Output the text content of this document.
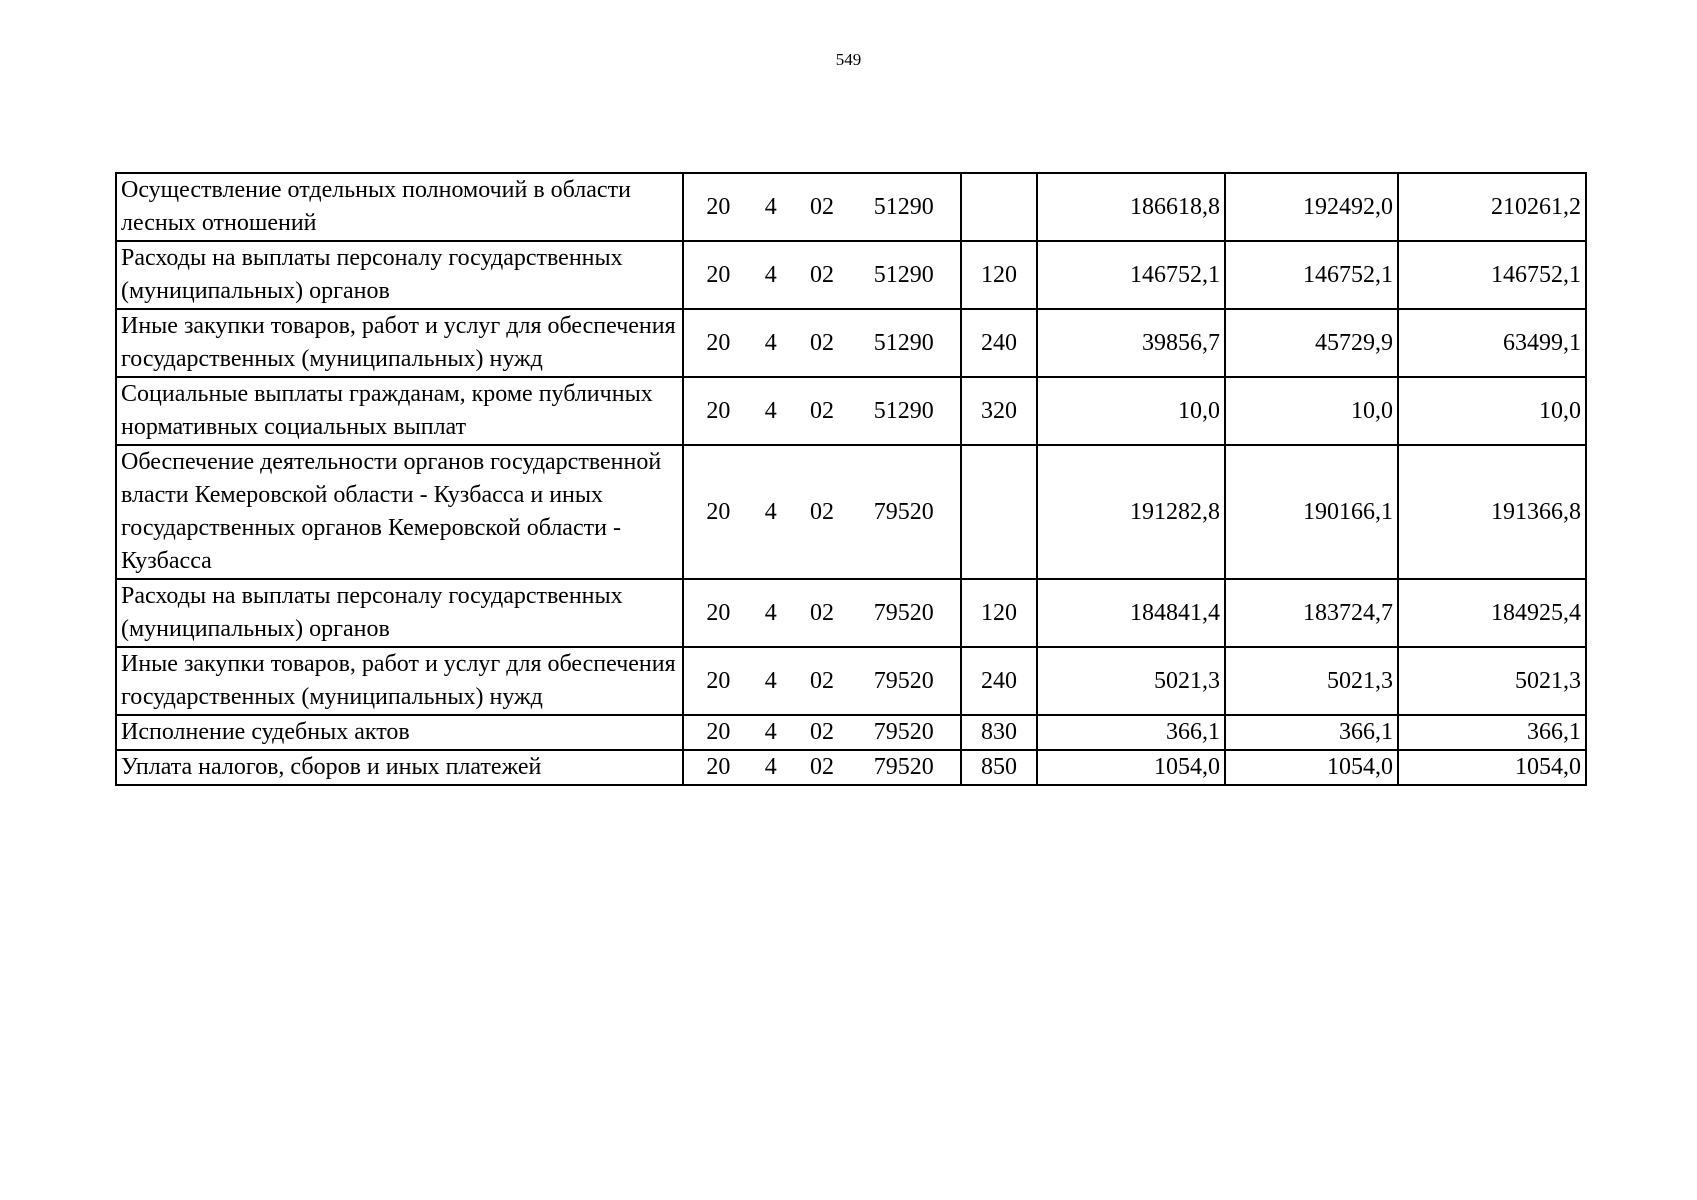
549
Осуществление отдельных полномочий в области лесных отношений	20 4 02 51290		186618,8	192492,0	210261,2
Расходы на выплаты персоналу государственных (муниципальных) органов	20 4 02 51290	120	146752,1	146752,1	146752,1
Иные закупки товаров, работ и услуг для обеспечения государственных (муниципальных) нужд	20 4 02 51290	240	39856,7	45729,9	63499,1
Социальные выплаты гражданам, кроме публичных нормативных социальных выплат	20 4 02 51290	320	10,0	10,0	10,0
Обеспечение деятельности органов государственной власти Кемеровской области - Кузбасса и иных государственных органов Кемеровской области - Кузбасса	20 4 02 79520		191282,8	190166,1	191366,8
Расходы на выплаты персоналу государственных (муниципальных) органов	20 4 02 79520	120	184841,4	183724,7	184925,4
Иные закупки товаров, работ и услуг для обеспечения государственных (муниципальных) нужд	20 4 02 79520	240	5021,3	5021,3	5021,3
Исполнение судебных актов	20 4 02 79520	830	366,1	366,1	366,1
Уплата налогов, сборов и иных платежей	20 4 02 79520	850	1054,0	1054,0	1054,0
